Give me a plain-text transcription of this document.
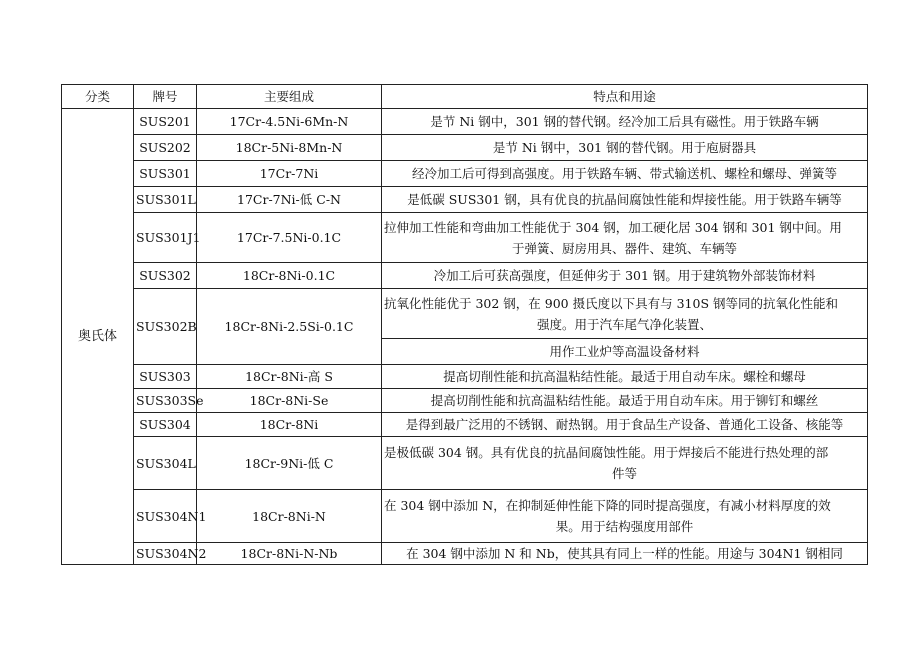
分类	牌号	主要组成	特点和用途
奥氏体	SUS201	17Cr-4.5Ni-6Mn-N	是节 Ni 钢中，301 钢的替代钢。经冷加工后具有磁性。用于铁路车辆
	SUS202	18Cr-5Ni-8Mn-N	是节 Ni 钢中，301 钢的替代钢。用于庖厨器具
	SUS301	17Cr-7Ni	经冷加工后可得到高强度。用于铁路车辆、带式输送机、螺栓和螺母、弹簧等
	SUS301L	17Cr-7Ni-低 C-N	是低碳 SUS301 钢，具有优良的抗晶间腐蚀性能和焊接性能。用于铁路车辆等
	SUS301J1	17Cr-7.5Ni-0.1C	拉伸加工性能和弯曲加工性能优于 304 钢，加工硬化居 304 钢和 301 钢中间。用
于弹簧、厨房用具、器件、建筑、车辆等

	SUS302	18Cr-8Ni-0.1C	冷加工后可获高强度，但延伸劣于 301 钢。用于建筑物外部装饰材料
	SUS302B	18Cr-8Ni-2.5Si-0.1C	抗氧化性能优于 302 钢，在 900 摄氏度以下具有与 310S 钢等同的抗氧化性能和
强度。用于汽车尾气净化装置、

			用作工业炉等高温设备材料
	SUS303	18Cr-8Ni-高 S	提高切削性能和抗高温粘结性能。最适于用自动车床。螺栓和螺母
	SUS303Se	18Cr-8Ni-Se	提高切削性能和抗高温粘结性能。最适于用自动车床。用于铆钉和螺丝
	SUS304	18Cr-8Ni	是得到最广泛用的不锈钢、耐热钢。用于食品生产设备、普通化工设备、核能等
	SUS304L	18Cr-9Ni-低 C	是极低碳 304 钢。具有优良的抗晶间腐蚀性能。用于焊接后不能进行热处理的部
件等

	SUS304N1	18Cr-8Ni-N	在 304 钢中添加 N，在抑制延伸性能下降的同时提高强度，有减小材料厚度的效
果。用于结构强度用部件

	SUS304N2	18Cr-8Ni-N-Nb	在 304 钢中添加 N 和 Nb，使其具有同上一样的性能。用途与 304N1 钢相同
